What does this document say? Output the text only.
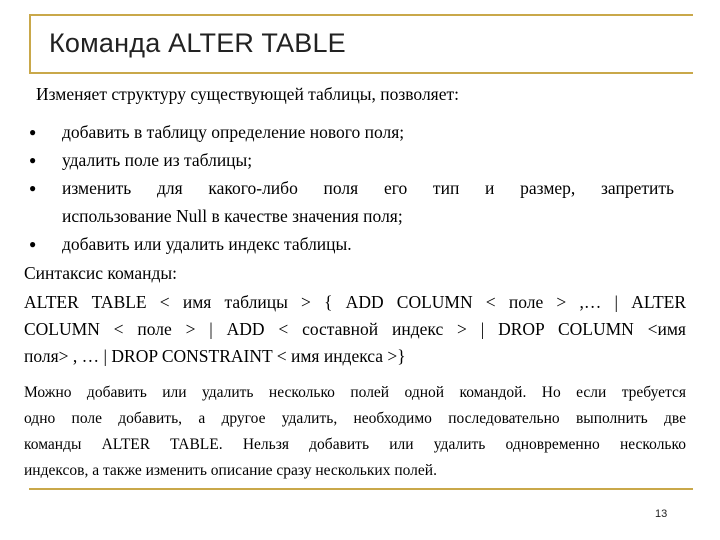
Команда ALTER TABLE
Изменяет структуру существующей таблицы, позволяет:
● добавить в таблицу определение нового поля;
● удалить поле из таблицы;
● изменить для какого-либо поля его тип и размер, запретить
использование Null в качестве значения поля;
● добавить или удалить индекс таблицы.
Синтаксис команды:
ALTER TABLE < имя таблицы > { ADD COLUMN < поле > ,… | ALTER
COLUMN < поле > | ADD < составной индекс > | DROP COLUMN <имя
поля> , … | DROP CONSTRAINT < имя индекса >}
Можно добавить или удалить несколько полей одной командой. Но если требуется
одно поле добавить, а другое удалить, необходимо последовательно выполнить две
команды ALTER TABLE. Нельзя добавить или удалить одновременно несколько
индексов, а также изменить описание сразу нескольких полей.
13
